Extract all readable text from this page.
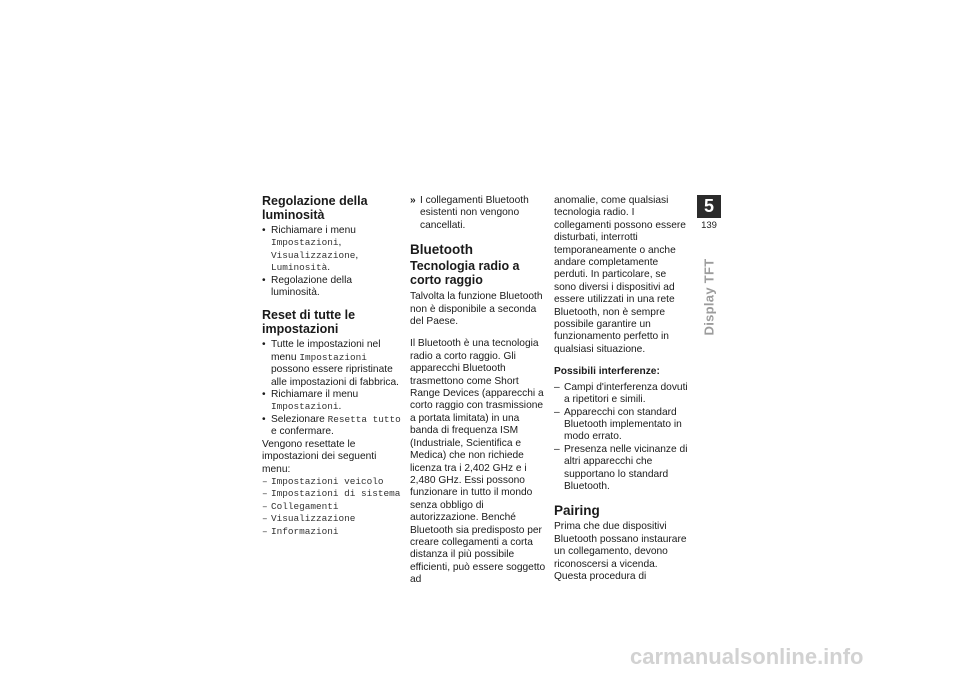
Regolazione della luminosità
• Richiamare i menu Impostazioni, Visualizzazione, Luminosità.
• Regolazione della luminosità.
Reset di tutte le impostazioni
• Tutte le impostazioni nel menu Impostazioni possono essere ripristinate alle impostazioni di fabbrica.
• Richiamare il menu Impostazioni.
• Selezionare Resetta tutto e confermare.

Vengono resettate le impostazioni dei seguenti menu:

– Impostazioni veicolo
– Impostazioni di sistema
– Collegamenti
– Visualizzazione
– Informazioni
» I collegamenti Bluetooth esistenti non vengono cancellati.
Bluetooth
Tecnologia radio a corto raggio

Talvolta la funzione Bluetooth non è disponibile a seconda del Paese.

Il Bluetooth è una tecnologia radio a corto raggio. Gli apparecchi Bluetooth trasmettono come Short Range Devices (apparecchi a corto raggio con trasmissione a portata limitata) in una banda di frequenza ISM (Industriale, Scientifica e Medica) che non richiede licenza tra i 2,402 GHz e i 2,480 GHz. Essi possono funzionare in tutto il mondo senza obbligo di autorizzazione. Benché Bluetooth sia predisposto per creare collegamenti a corta distanza il più possibile efficienti, può essere soggetto ad

anomalie, come qualsiasi tecnologia radio. I collegamenti possono essere disturbati, interrotti temporaneamente o anche andare completamente perduti. In particolare, se sono diversi i dispositivi ad essere utilizzati in una rete Bluetooth, non è sempre possibile garantire un funzionamento perfetto in qualsiasi situazione.

Possibili interferenze:
– Campi d'interferenza dovuti a ripetitori e simili.
– Apparecchi con standard Bluetooth implementato in modo errato.
– Presenza nelle vicinanze di altri apparecchi che supportano lo standard Bluetooth.
Pairing

Prima che due dispositivi Bluetooth possano instaurare un collegamento, devono riconoscersi a vicenda. Questa procedura di

5
139
Display TFT
carmanualsonline.info
